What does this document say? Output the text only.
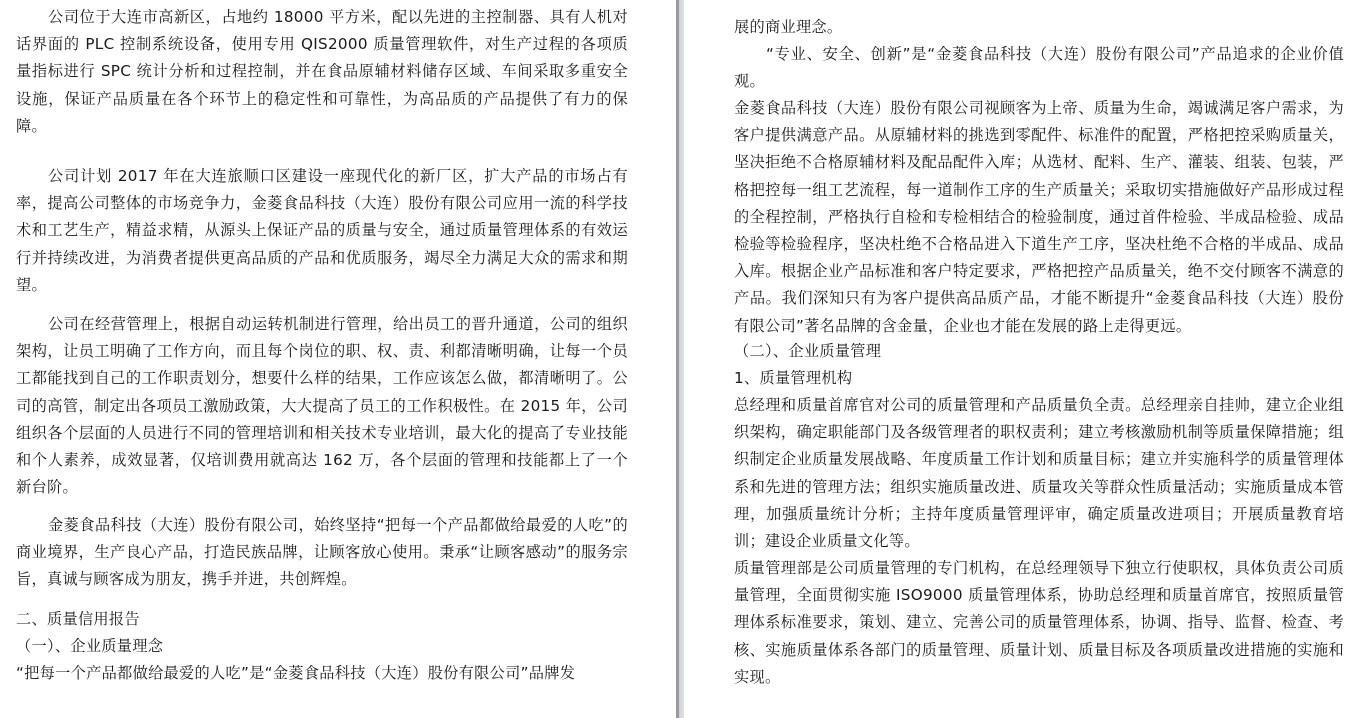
公司位于大连市高新区，占地约 18000 平方米，配以先进的主控制器、具有人机对话界面的 PLC 控制系统设备，使用专用 QIS2000 质量管理软件，对生产过程的各项质量指标进行 SPC 统计分析和过程控制，并在食品原辅材料储存区域、车间采取多重安全设施，保证产品质量在各个环节上的稳定性和可靠性，为高品质的产品提供了有力的保障。

公司计划 2017 年在大连旅顺口区建设一座现代化的新厂区，扩大产品的市场占有率，提高公司整体的市场竞争力，金菱食品科技（大连）股份有限公司应用一流的科学技术和工艺生产，精益求精，从源头上保证产品的质量与安全，通过质量管理体系的有效运行并持续改进，为消费者提供更高品质的产品和优质服务，竭尽全力满足大众的需求和期望。

公司在经营管理上，根据自动运转机制进行管理，给出员工的晋升通道，公司的组织架构，让员工明确了工作方向，而且每个岗位的职、权、责、利都清晰明确，让每一个员工都能找到自己的工作职责划分，想要什么样的结果，工作应该怎么做，都清晰明了。公司的高管，制定出各项员工激励政策，大大提高了员工的工作积极性。在 2015 年，公司组织各个层面的人员进行不同的管理培训和相关技术专业培训，最大化的提高了专业技能和个人素养，成效显著，仅培训费用就高达 162 万，各个层面的管理和技能都上了一个新台阶。

金菱食品科技（大连）股份有限公司，始终坚持“把每一个产品都做给最爱的人吃”的商业境界，生产良心产品，打造民族品牌，让顾客放心使用。秉承“让顾客感动”的服务宗旨，真诚与顾客成为朋友，携手并进，共创辉煌。

二、质量信用报告

（一）、企业质量理念

“把每一个产品都做给最爱的人吃”是“金菱食品科技（大连）股份有限公司”品牌发

展的商业理念。

“专业、安全、创新”是“金菱食品科技（大连）股份有限公司”产品追求的企业价值观。

金菱食品科技（大连）股份有限公司视顾客为上帝、质量为生命，竭诚满足客户需求，为客户提供满意产品。从原辅材料的挑选到零配件、标准件的配置，严格把控采购质量关，坚决拒绝不合格原辅材料及配品配件入库；从选材、配料、生产、灌装、组装、包装，严格把控每一组工艺流程，每一道制作工序的生产质量关；采取切实措施做好产品形成过程的全程控制，严格执行自检和专检相结合的检验制度，通过首件检验、半成品检验、成品检验等检验程序，坚决杜绝不合格品进入下道生产工序，坚决杜绝不合格的半成品、成品入库。根据企业产品标准和客户特定要求，严格把控产品质量关，绝不交付顾客不满意的产品。我们深知只有为客户提供高品质产品，才能不断提升“金菱食品科技（大连）股份有限公司”著名品牌的含金量，企业也才能在发展的路上走得更远。

（二）、企业质量管理

1、质量管理机构

总经理和质量首席官对公司的质量管理和产品质量负全责。总经理亲自挂帅，建立企业组织架构，确定职能部门及各级管理者的职权责利；建立考核激励机制等质量保障措施；组织制定企业质量发展战略、年度质量工作计划和质量目标；建立并实施科学的质量管理体系和先进的管理方法；组织实施质量改进、质量攻关等群众性质量活动；实施质量成本管理，加强质量统计分析；主持年度质量管理评审，确定质量改进项目；开展质量教育培训；建设企业质量文化等。

质量管理部是公司质量管理的专门机构，在总经理领导下独立行使职权，具体负责公司质量管理，全面贯彻实施 ISO9000 质量管理体系，协助总经理和质量首席官，按照质量管理体系标准要求，策划、建立、完善公司的质量管理体系，协调、指导、监督、检查、考核、实施质量体系各部门的质量管理、质量计划、质量目标及各项质量改进措施的实施和实现。
